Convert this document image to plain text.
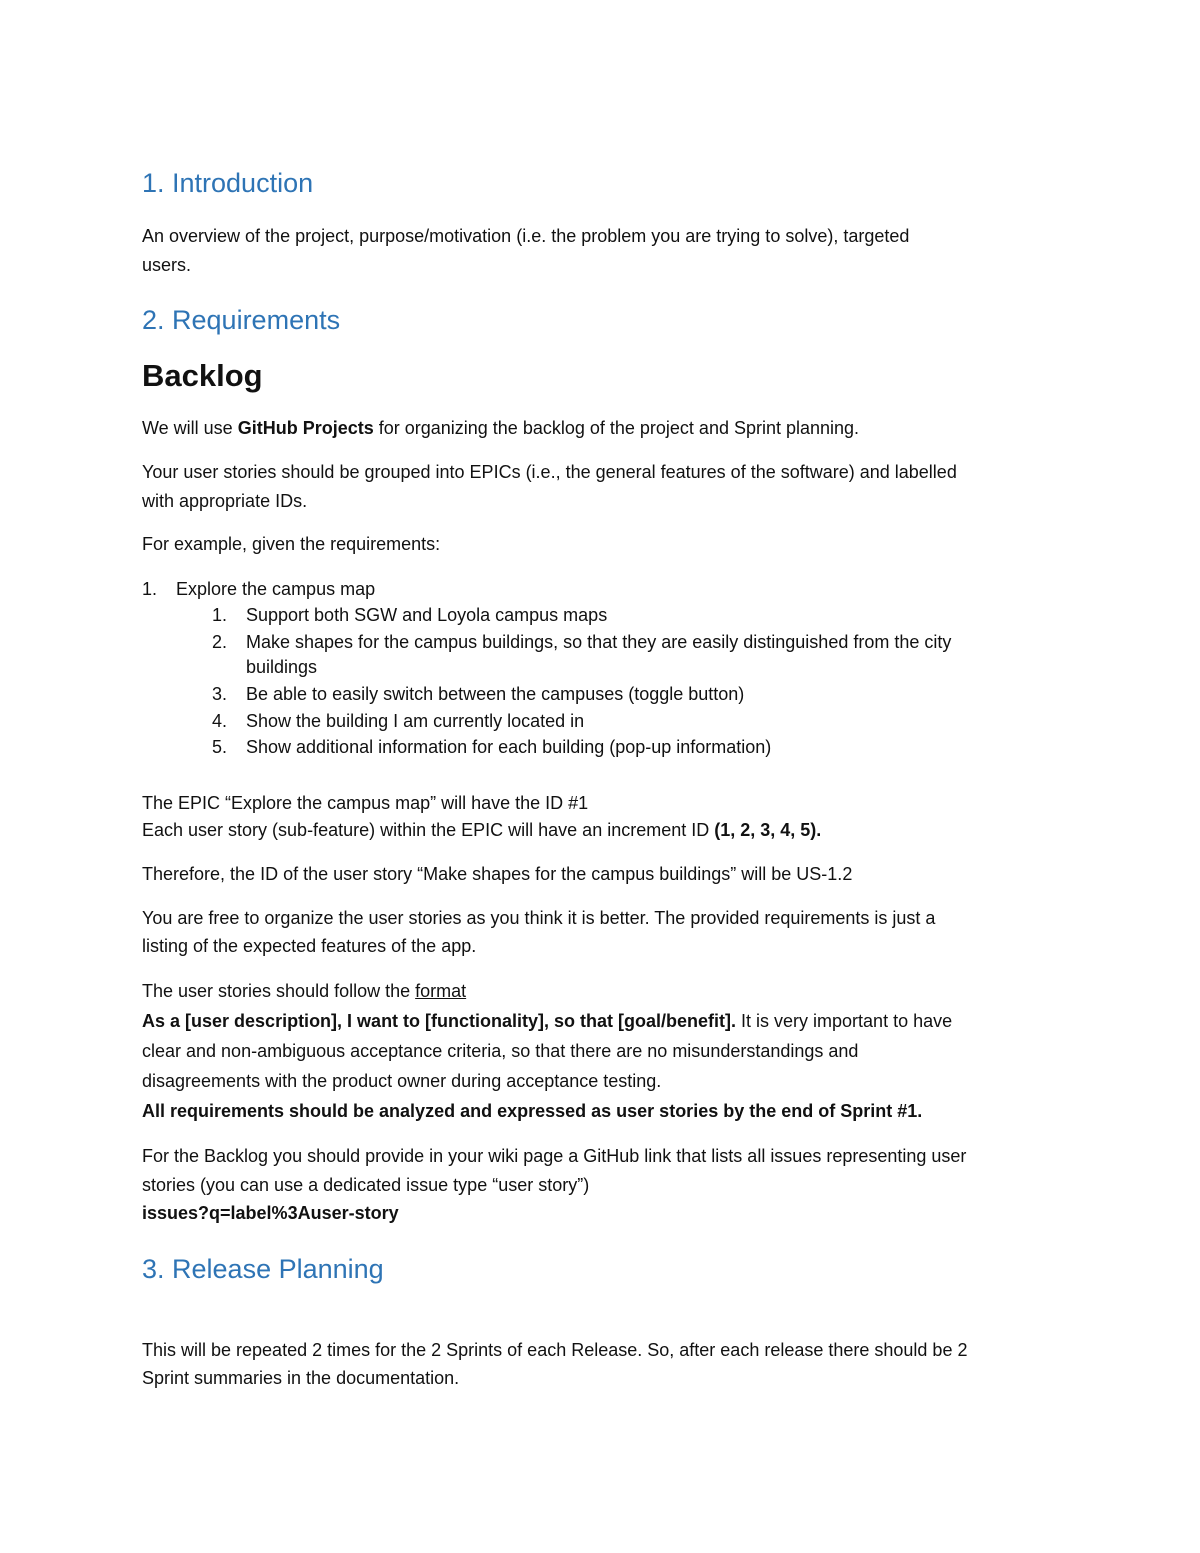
1. Introduction
An overview of the project, purpose/motivation (i.e. the problem you are trying to solve), targeted
users.
2. Requirements
Backlog
We will use GitHub Projects for organizing the backlog of the project and Sprint planning.
Your user stories should be grouped into EPICs (i.e., the general features of the software) and labelled
with appropriate IDs.
For example, given the requirements:
1. Explore the campus map
1. Support both SGW and Loyola campus maps
2. Make shapes for the campus buildings, so that they are easily distinguished from the city
buildings
3. Be able to easily switch between the campuses (toggle button)
4. Show the building I am currently located in
5. Show additional information for each building (pop-up information)
The EPIC “Explore the campus map” will have the ID #1
Each user story (sub-feature) within the EPIC will have an increment ID (1, 2, 3, 4, 5).
Therefore, the ID of the user story “Make shapes for the campus buildings” will be US-1.2
You are free to organize the user stories as you think it is better. The provided requirements is just a
listing of the expected features of the app.
The user stories should follow the format
As a [user description], I want to [functionality], so that [goal/benefit]. It is very important to have
clear and non-ambiguous acceptance criteria, so that there are no misunderstandings and
disagreements with the product owner during acceptance testing.
All requirements should be analyzed and expressed as user stories by the end of Sprint #1.
For the Backlog you should provide in your wiki page a GitHub link that lists all issues representing user
stories (you can use a dedicated issue type “user story”)
issues?q=label%3Auser-story
3. Release Planning
This will be repeated 2 times for the 2 Sprints of each Release. So, after each release there should be 2
Sprint summaries in the documentation.
